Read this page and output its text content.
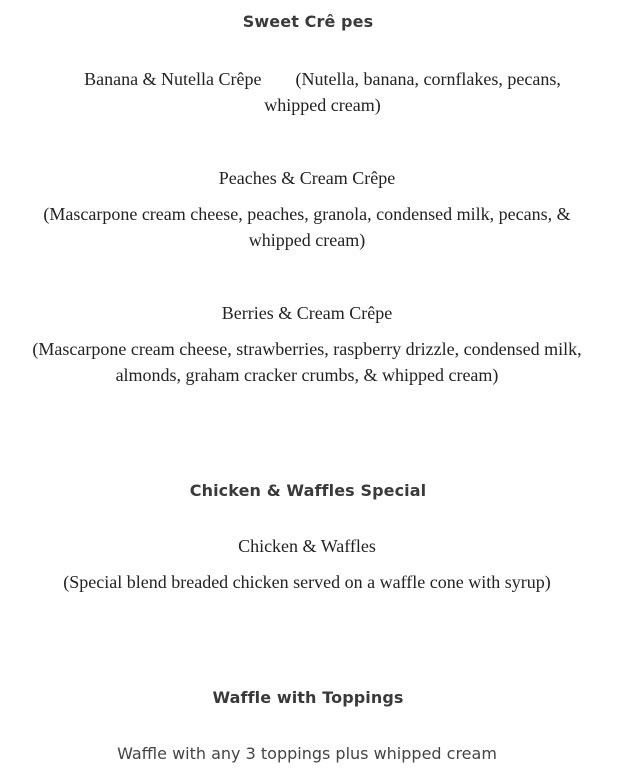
Sweet Crê pes
Banana & Nutella Crêpe (Nutella, banana, cornflakes, pecans, whipped cream)
Peaches & Cream Crêpe
(Mascarpone cream cheese, peaches, granola, condensed milk, pecans, & whipped cream)
Berries & Cream Crêpe
(Mascarpone cream cheese, strawberries, raspberry drizzle, condensed milk, almonds, graham cracker crumbs, & whipped cream)
Chicken & Waffles Special
Chicken & Waffles
(Special blend breaded chicken served on a waffle cone with syrup)
Waffle with Toppings
Waffle with any 3 toppings plus whipped cream
